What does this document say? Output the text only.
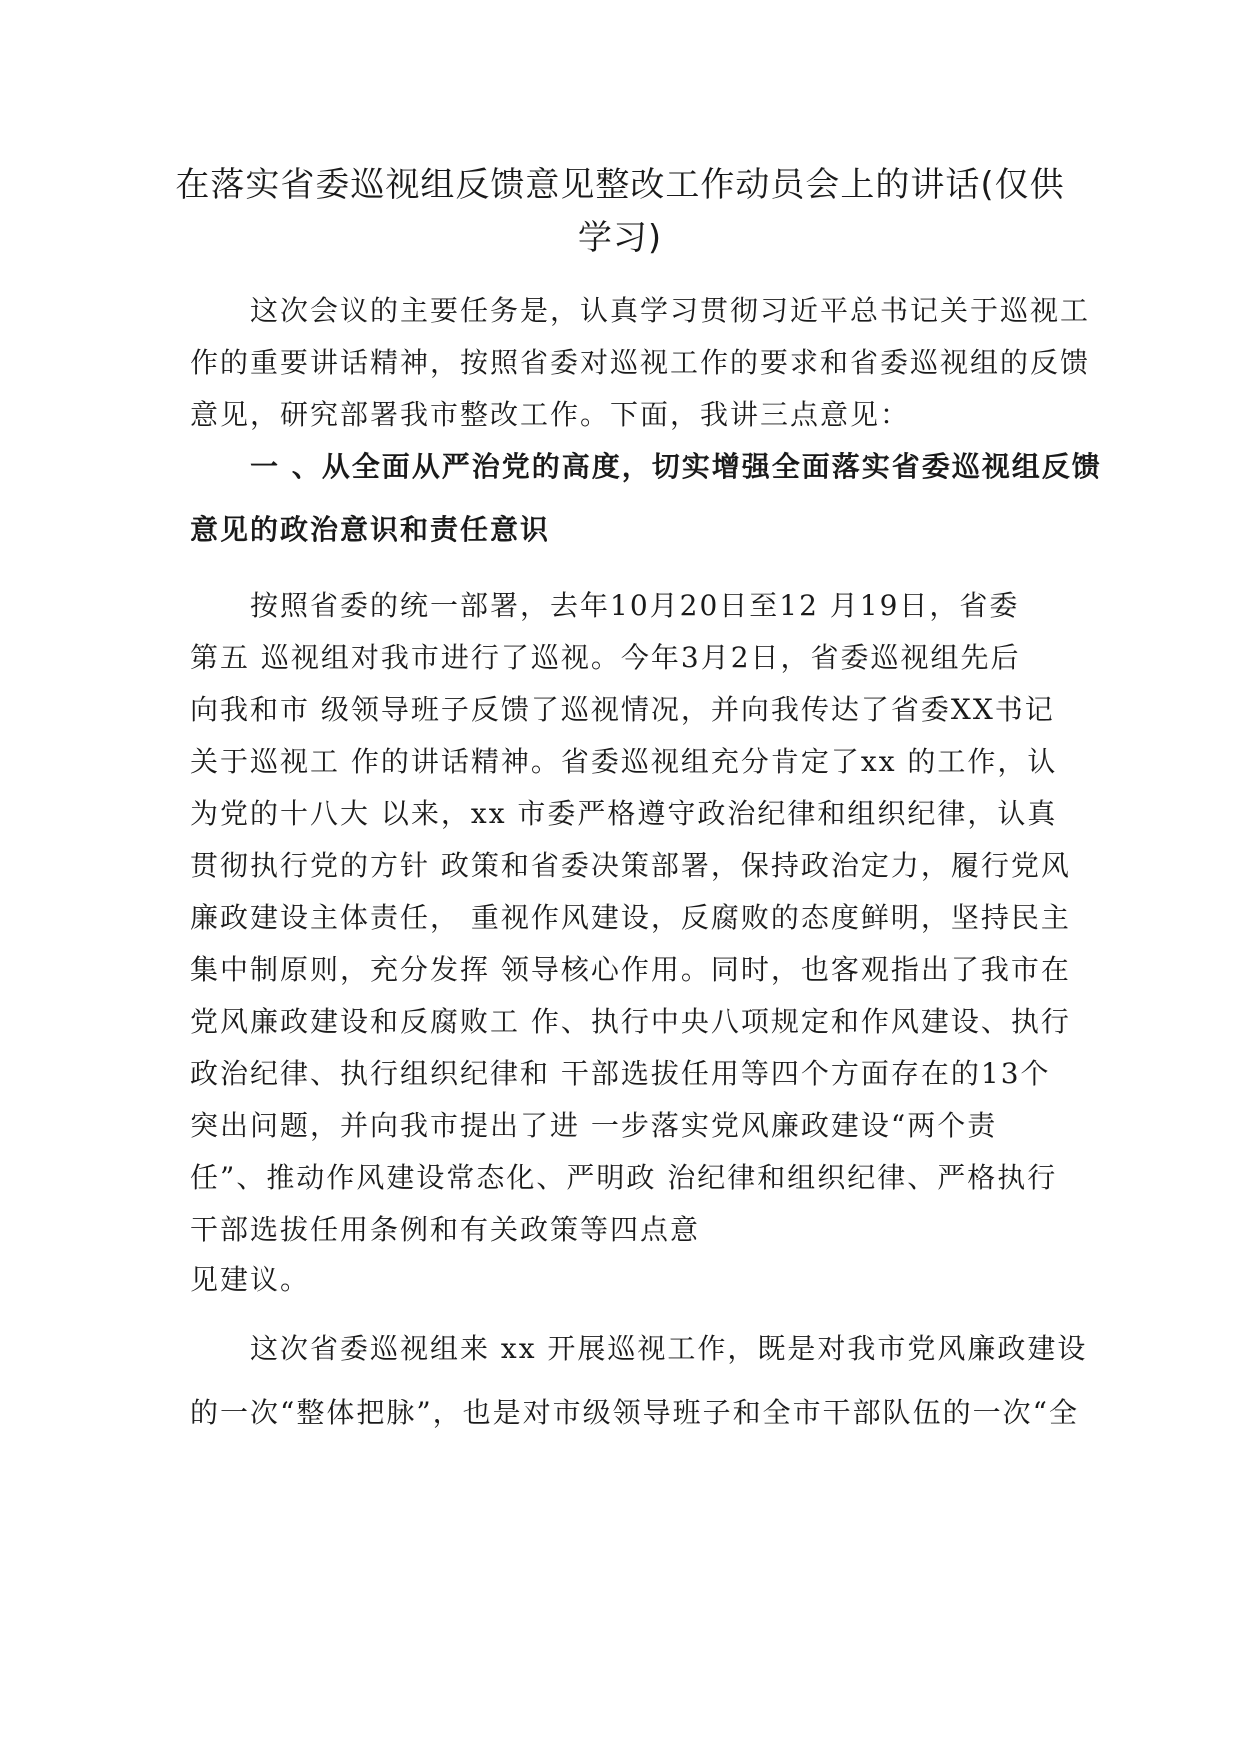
在落实省委巡视组反馈意见整改工作动员会上的讲话(仅供
学习)
这次会议的主要任务是，认真学习贯彻习近平总书记关于巡视工
作的重要讲话精神，按照省委对巡视工作的要求和省委巡视组的反馈
意见，研究部署我市整改工作。下面，我讲三点意见：
一 、从全面从严治党的高度，切实增强全面落实省委巡视组反馈
意见的政治意识和责任意识
按照省委的统一部署，去年10月20日至12 月19日，省委
第五 巡视组对我市进行了巡视。今年3月2日，省委巡视组先后
向我和市 级领导班子反馈了巡视情况，并向我传达了省委XX书记
关于巡视工 作的讲话精神。省委巡视组充分肯定了xx 的工作，认
为党的十八大 以来，xx 市委严格遵守政治纪律和组织纪律，认真
贯彻执行党的方针 政策和省委决策部署，保持政治定力，履行党风
廉政建设主体责任， 重视作风建设，反腐败的态度鲜明，坚持民主
集中制原则，充分发挥 领导核心作用。同时，也客观指出了我市在
党风廉政建设和反腐败工 作、执行中央八项规定和作风建设、执行
政治纪律、执行组织纪律和 干部选拔任用等四个方面存在的13个
突出问题，并向我市提出了进 一步落实党风廉政建设“两个责
任”、推动作风建设常态化、严明政 治纪律和组织纪律、严格执行
干部选拔任用条例和有关政策等四点意
见建议。
这次省委巡视组来 xx 开展巡视工作，既是对我市党风廉政建设
的一次“整体把脉”，也是对市级领导班子和全市干部队伍的一次“全
